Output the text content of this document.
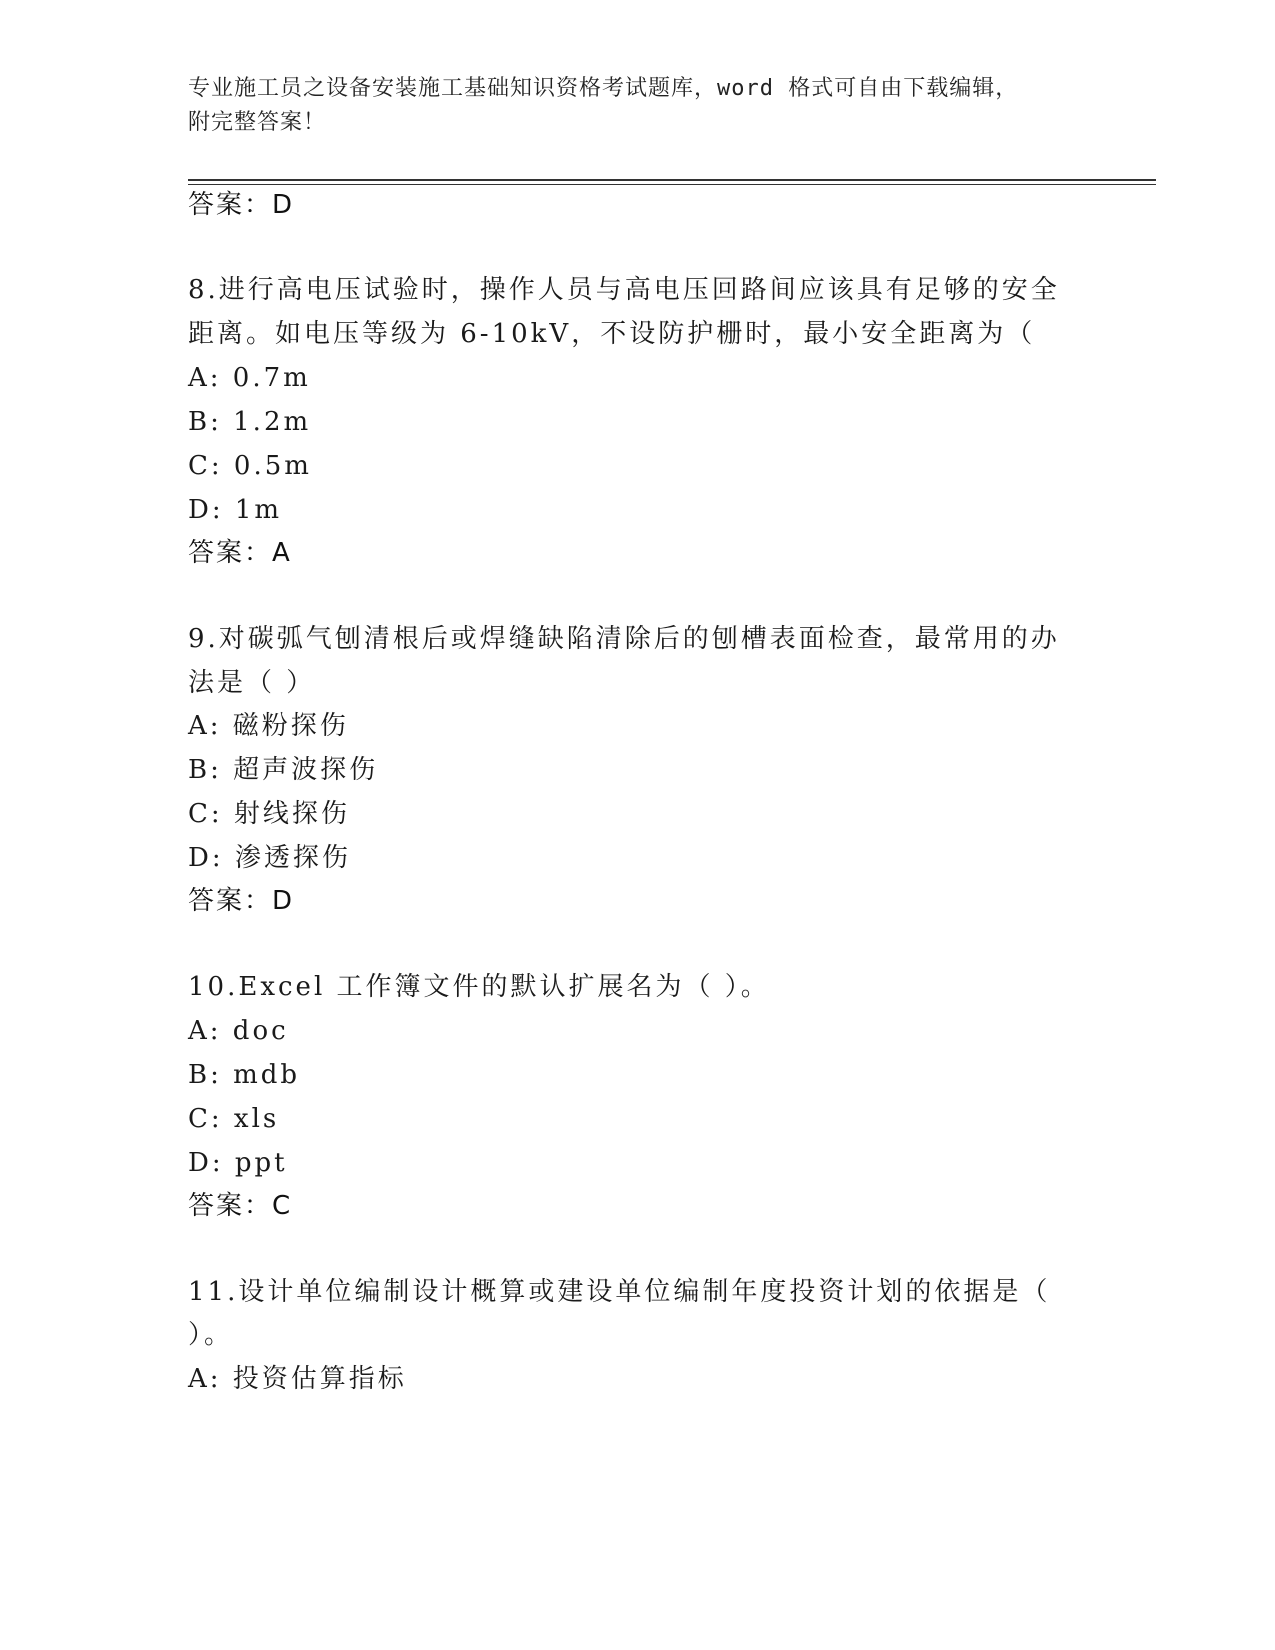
专业施工员之设备安装施工基础知识资格考试题库，word 格式可自由下载编辑，
附完整答案！
答案：D
8.进行高电压试验时，操作人员与高电压回路间应该具有足够的安全
距离。如电压等级为 6-10kV，不设防护栅时，最小安全距离为（
A: 0.7m
B: 1.2m
C: 0.5m
D: 1m
答案：A
9.对碳弧气刨清根后或焊缝缺陷清除后的刨槽表面检查，最常用的办
法是（ ）
A: 磁粉探伤
B: 超声波探伤
C: 射线探伤
D: 渗透探伤
答案：D
10.Excel 工作簿文件的默认扩展名为（ ）。
A: doc
B: mdb
C: xls
D: ppt
答案：C
11.设计单位编制设计概算或建设单位编制年度投资计划的依据是（
）。
A: 投资估算指标
